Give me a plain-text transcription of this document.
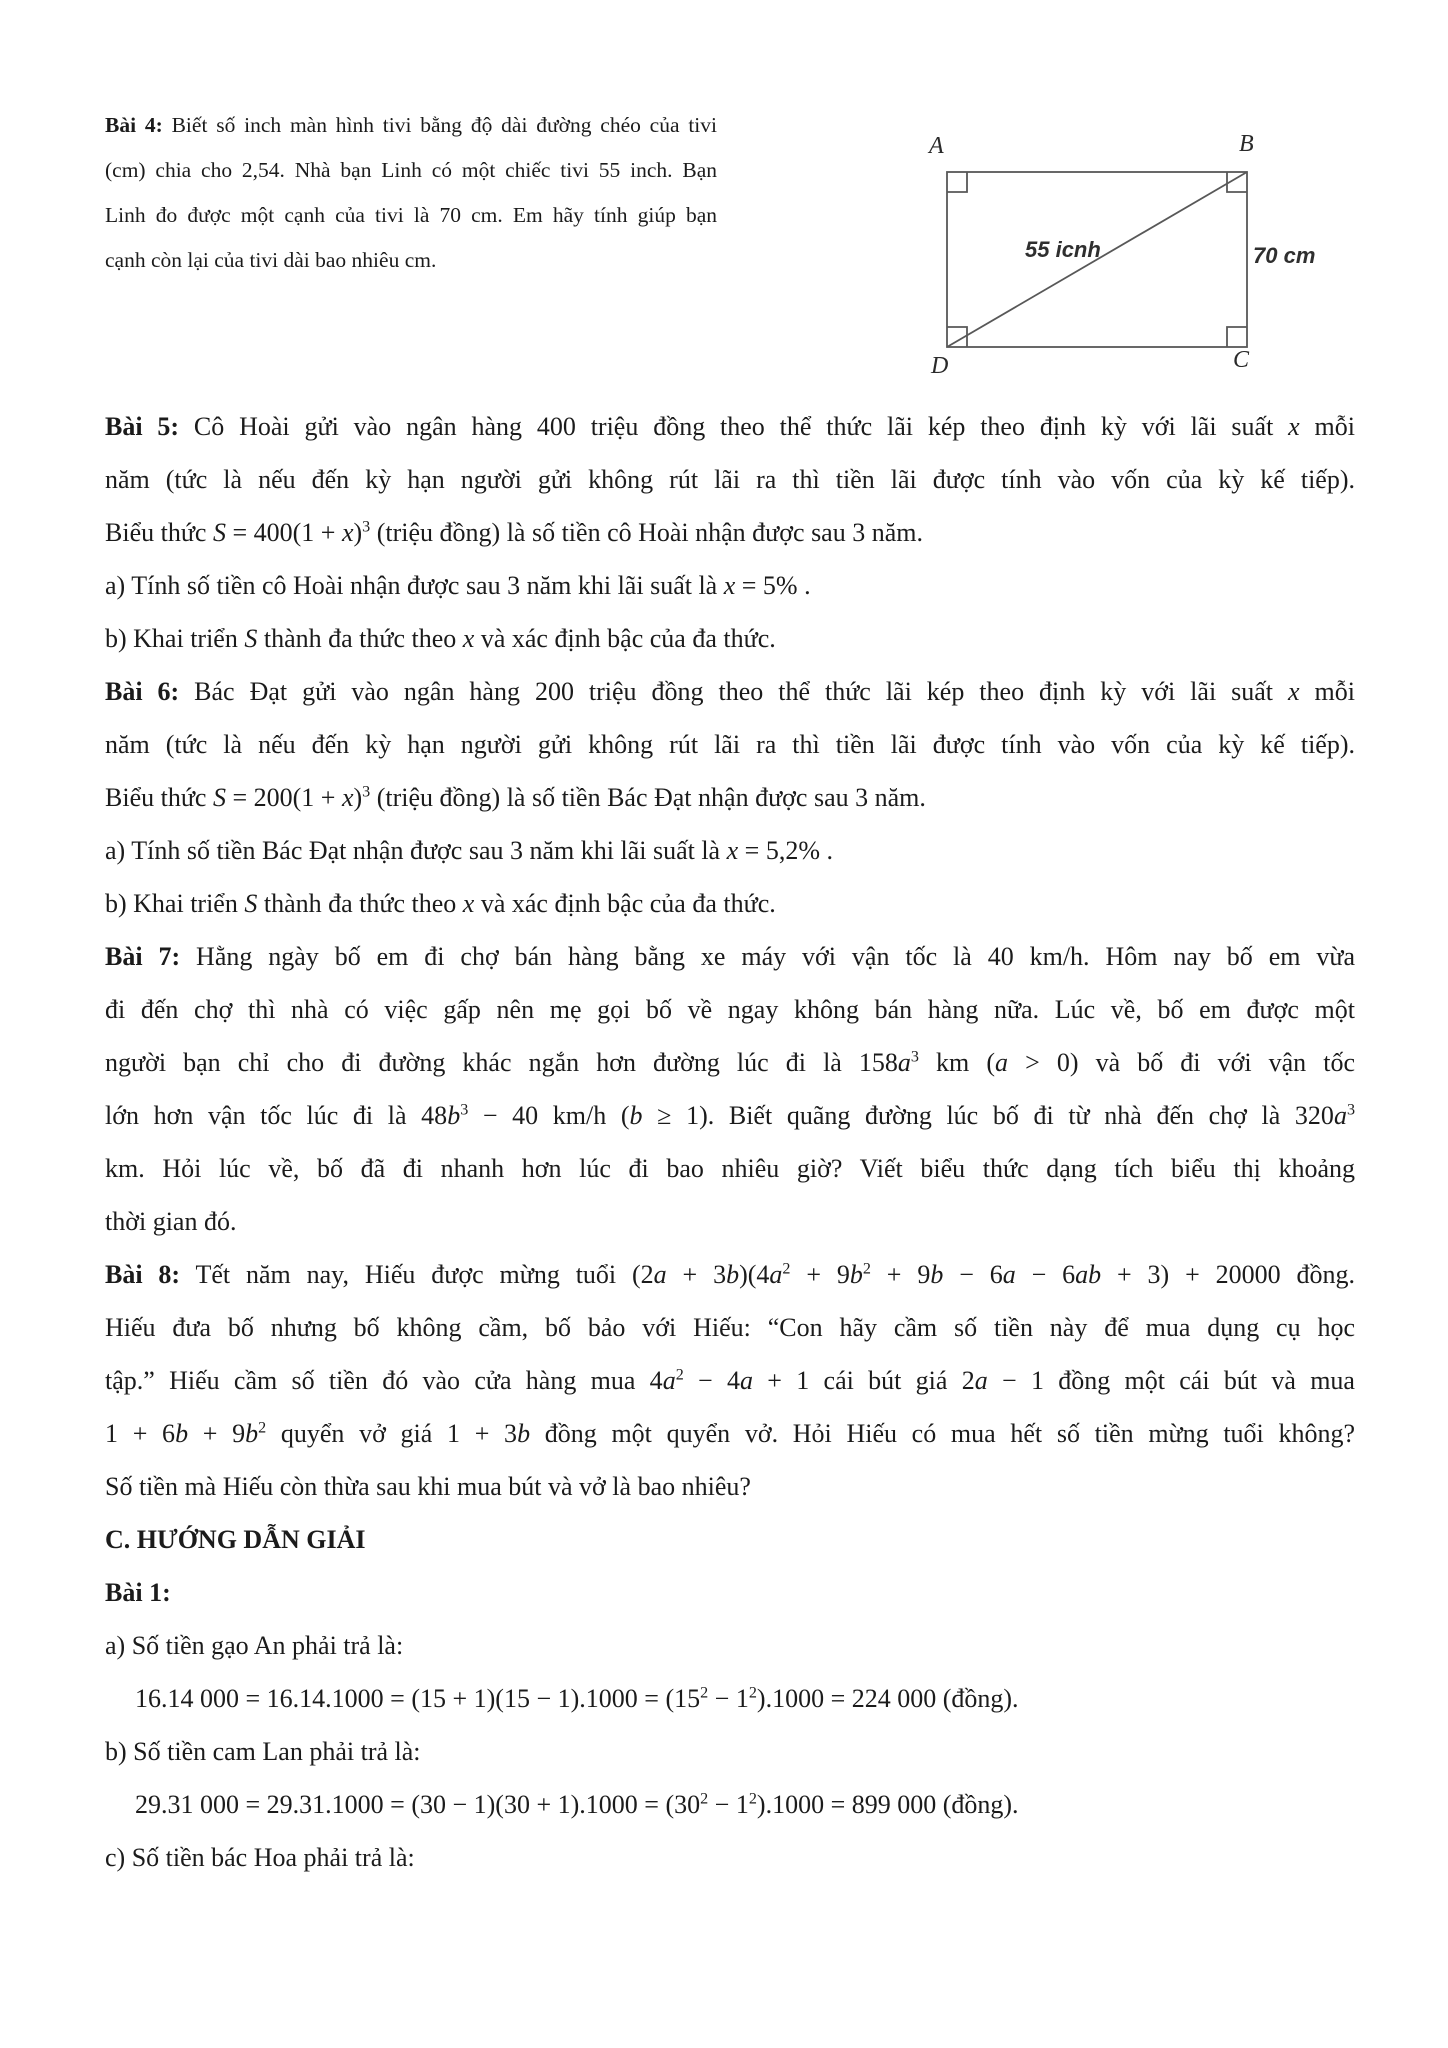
Bài 4: Biết số inch màn hình tivi bằng độ dài đường chéo của tivi
(cm) chia cho 2,54. Nhà bạn Linh có một chiếc tivi 55 inch. Bạn
Linh đo được một cạnh của tivi là 70 cm. Em hãy tính giúp bạn
cạnh còn lại của tivi dài bao nhiêu cm.
A	B
D	C
55 icnh	70 cm
Bài 5: Cô Hoài gửi vào ngân hàng 400 triệu đồng theo thể thức lãi kép theo định kỳ với lãi suất x mỗi
năm (tức là nếu đến kỳ hạn người gửi không rút lãi ra thì tiền lãi được tính vào vốn của kỳ kế tiếp).
Biểu thức $S = 400(1 + x)^3$ (triệu đồng) là số tiền cô Hoài nhận được sau 3 năm.
a) Tính số tiền cô Hoài nhận được sau 3 năm khi lãi suất là x = 5% .
b) Khai triển S thành đa thức theo x và xác định bậc của đa thức.
Bài 6: Bác Đạt gửi vào ngân hàng 200 triệu đồng theo thể thức lãi kép theo định kỳ với lãi suất x mỗi
năm (tức là nếu đến kỳ hạn người gửi không rút lãi ra thì tiền lãi được tính vào vốn của kỳ kế tiếp).
Biểu thức $S = 200(1 + x)^3$ (triệu đồng) là số tiền Bác Đạt nhận được sau 3 năm.
a) Tính số tiền Bác Đạt nhận được sau 3 năm khi lãi suất là x = 5,2% .
b) Khai triển S thành đa thức theo x và xác định bậc của đa thức.
Bài 7: Hằng ngày bố em đi chợ bán hàng bằng xe máy với vận tốc là 40 km/h. Hôm nay bố em vừa
đi đến chợ thì nhà có việc gấp nên mẹ gọi bố về ngay không bán hàng nữa. Lúc về, bố em được một
người bạn chỉ cho đi đường khác ngắn hơn đường lúc đi là $158a^3$ km (a > 0) và bố đi với vận tốc
lớn hơn vận tốc lúc đi là $48b^3 - 40$ km/h (b ≥ 1). Biết quãng đường lúc bố đi từ nhà đến chợ là $320a^3$
km. Hỏi lúc về, bố đã đi nhanh hơn lúc đi bao nhiêu giờ? Viết biểu thức dạng tích biểu thị khoảng
thời gian đó.
Bài 8: Tết năm nay, Hiếu được mừng tuổi $(2a + 3b)(4a^2 + 9b^2 + 9b - 6a - 6ab + 3) + 20000$ đồng.
Hiếu đưa bố nhưng bố không cầm, bố bảo với Hiếu: “Con hãy cầm số tiền này để mua dụng cụ học
tập.” Hiếu cầm số tiền đó vào cửa hàng mua $4a^2 - 4a + 1$ cái bút giá 2a − 1 đồng một cái bút và mua
$1 + 6b + 9b^2$ quyển vở giá 1 + 3b đồng một quyển vở. Hỏi Hiếu có mua hết số tiền mừng tuổi không?
Số tiền mà Hiếu còn thừa sau khi mua bút và vở là bao nhiêu?
C. HƯỚNG DẪN GIẢI
Bài 1:
a) Số tiền gạo An phải trả là:
16.14 $000 = 16.14.1000 = (15 + 1)(15 - 1).1000 = (15^2 - 1^2).1000 = 224$ 000 (đồng).
b) Số tiền cam Lan phải trả là:
29.31 $000 = 29.31.1000 = (30 - 1)(30 + 1).1000 = (30^2 - 1^2).1000 = 899$ 000 (đồng).
c) Số tiền bác Hoa phải trả là:
